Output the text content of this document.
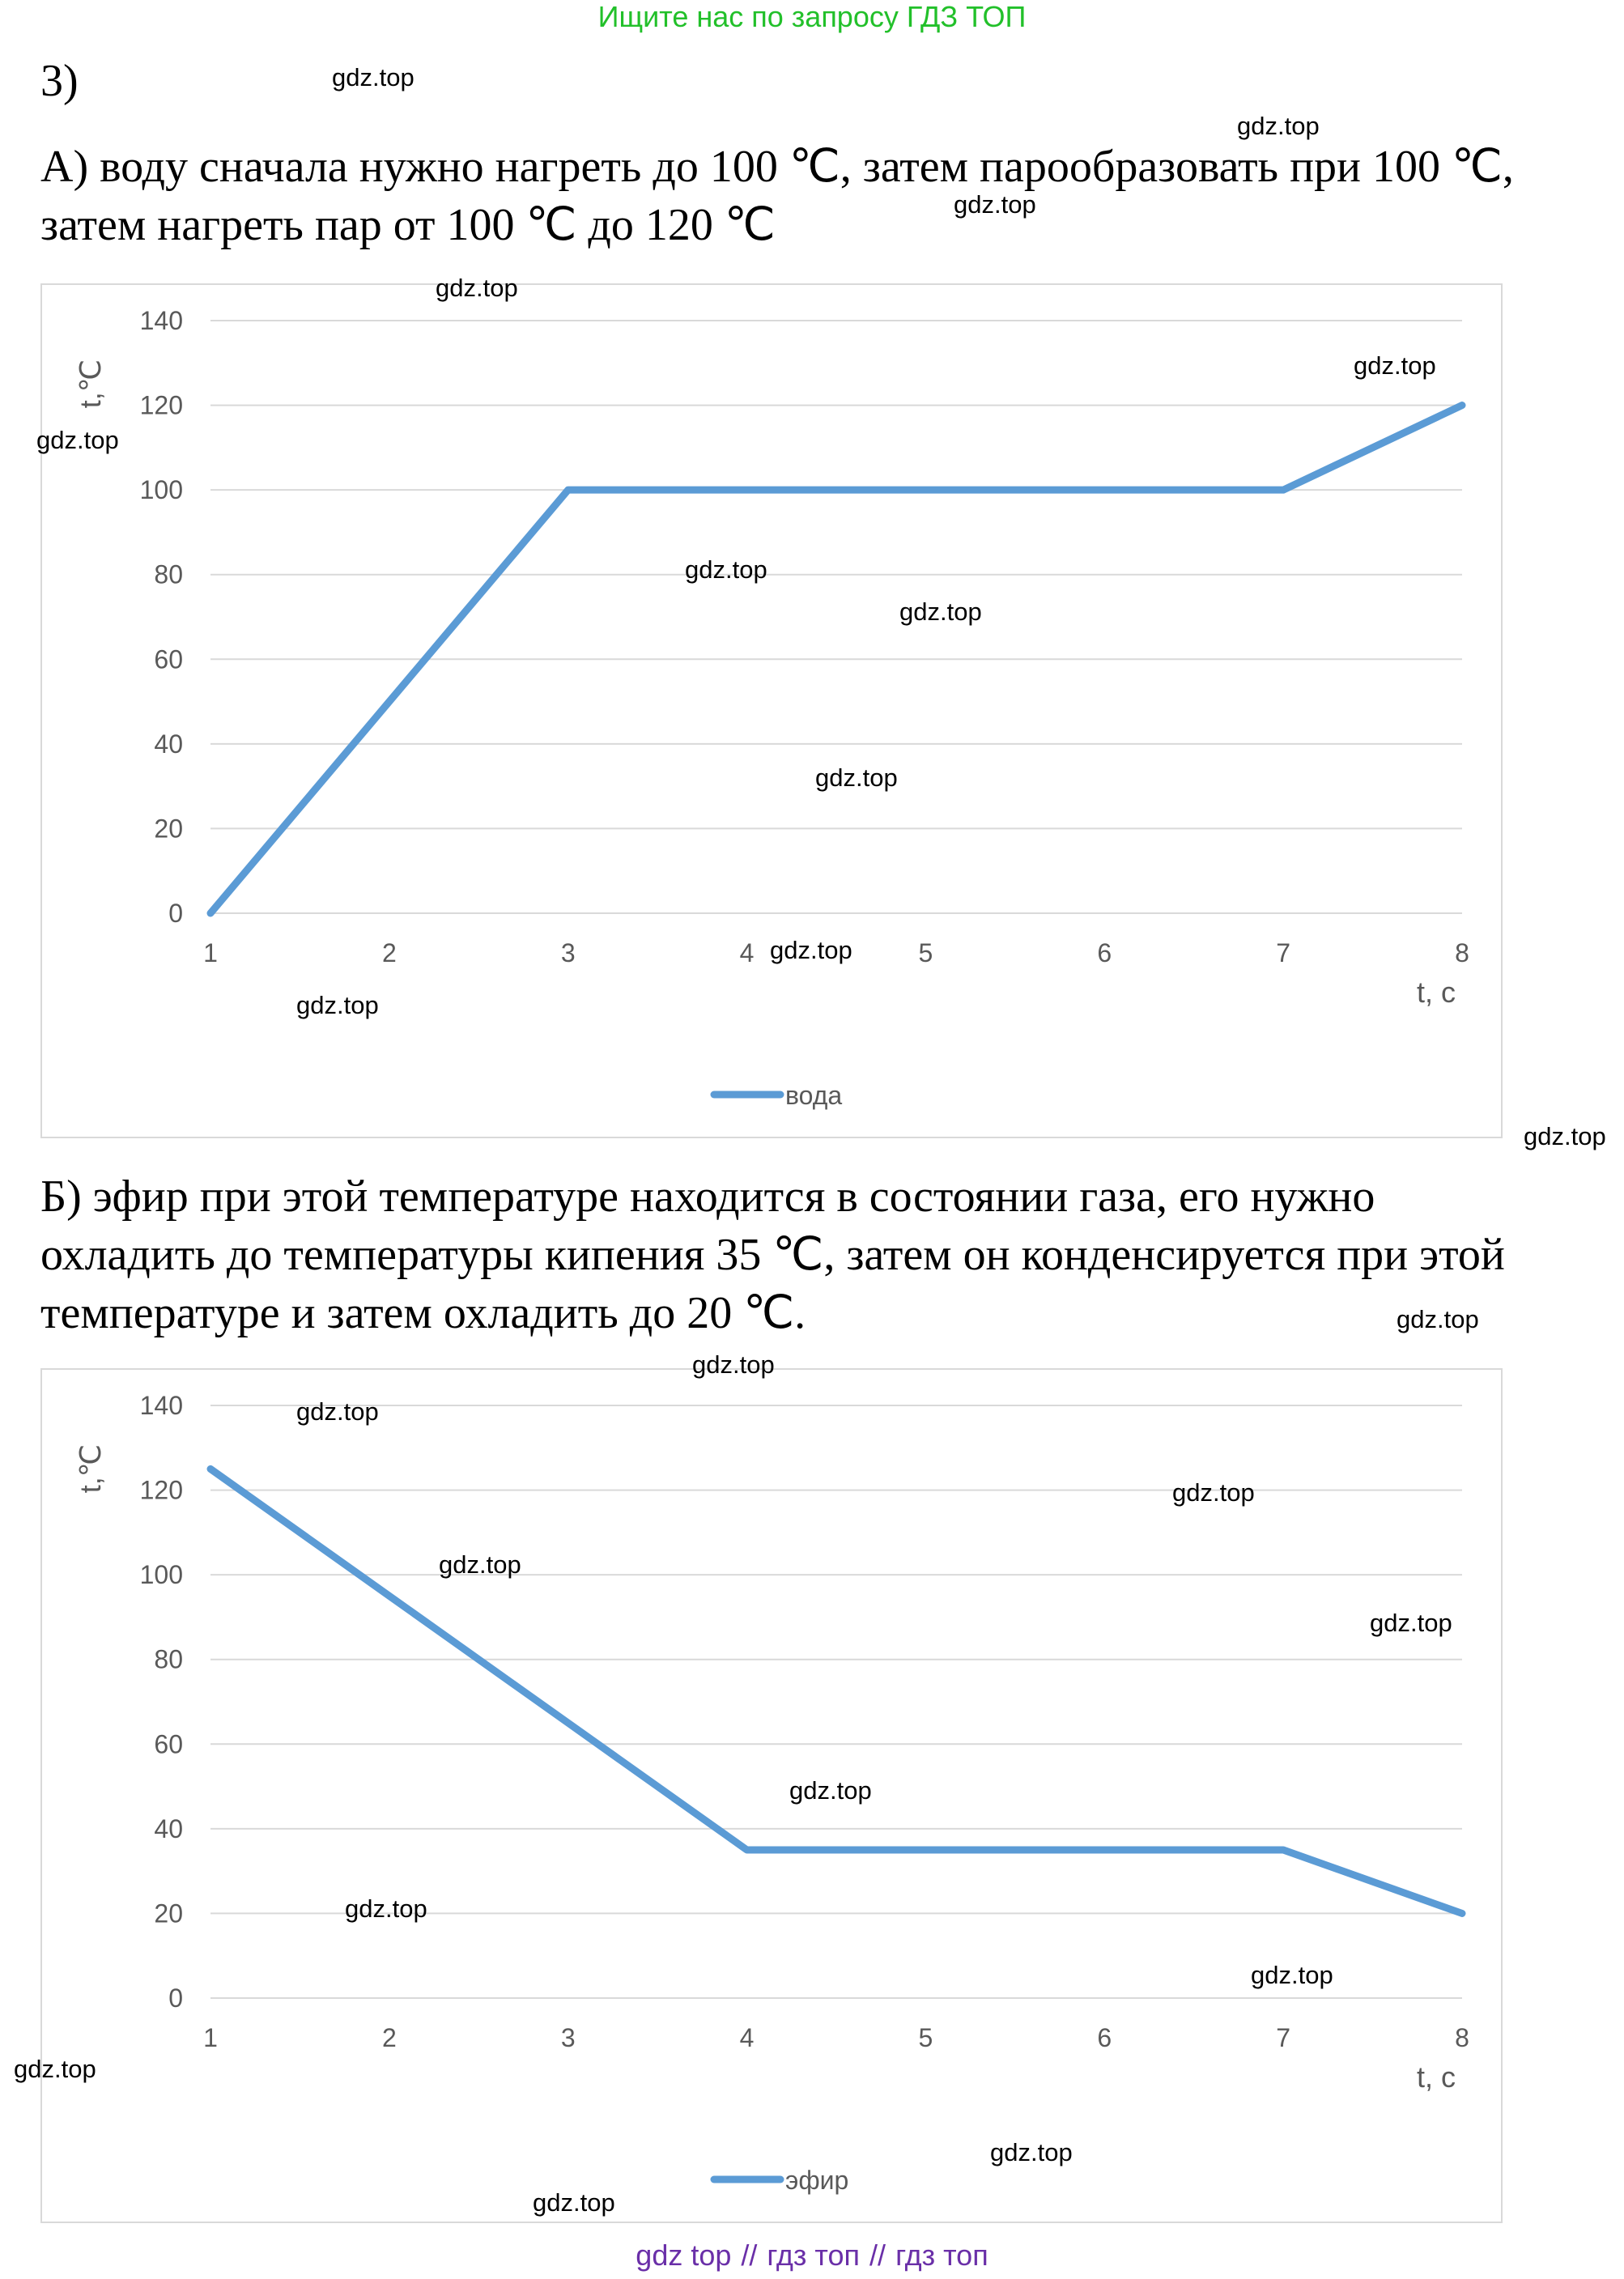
Ищите нас по запросу ГДЗ ТОП
3)
А) воду сначала нужно нагреть до 100 ℃, затем парообразовать при 100 ℃,
затем нагреть пар от 100 ℃ до 120 ℃
0
20
40
60
80
100
120
140
1	2	3	4	5	6	7	8
t,℃
t, с
вода
Б) эфир при этой температуре находится в состоянии газа, его нужно
охладить до температуры кипения 35 ℃, затем он конденсируется при этой
температуре и затем охладить до 20 ℃.
0
20
40
60
80
100
120
140
1	2	3	4	5	6	7	8
t,℃
t, с
эфир
gdz.top
gdz.top
gdz.top
gdz.top
gdz.top
gdz.top
gdz.top
gdz.top
gdz.top
gdz.top
gdz.top
gdz.top
gdz.top
gdz.top
gdz.top
gdz.top
gdz.top
gdz.top
gdz.top
gdz.top
gdz.top
gdz.top
gdz.top
gdz.top
gdz top // гдз топ // гдз топ
